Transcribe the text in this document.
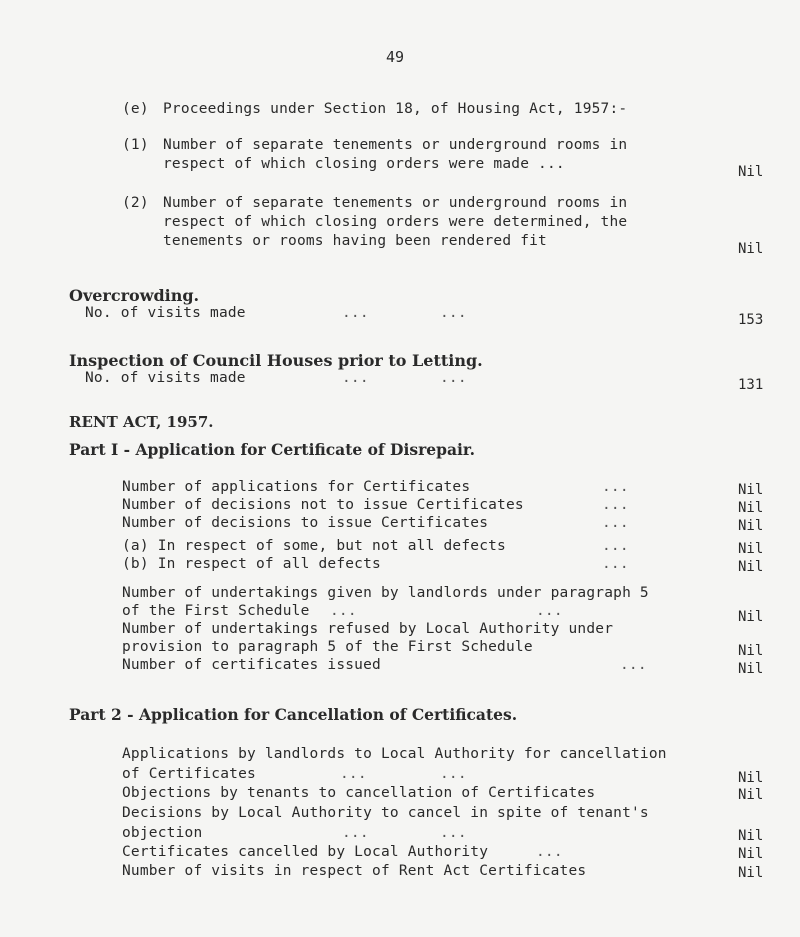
49
(e) Proceedings under Section 18, of Housing Act, 1957:-
(1) Number of separate tenements or underground rooms in
respect of which closing orders were made ...	Nil
(2) Number of separate tenements or underground rooms in
respect of which closing orders were determined, the
tenements or rooms having been rendered fit	Nil
Overcrowding.
No. of visits made	...	...	153
Inspection of Council Houses prior to Letting.
No. of visits made	...	...	131
RENT ACT, 1957.
Part I - Application for Certificate of Disrepair.
Number of applications for Certificates	...	Nil
Number of decisions not to issue Certificates	...	Nil
Number of decisions to issue Certificates	...	Nil
(a) In respect of some, but not all defects	...	Nil
(b) In respect of all defects	...	Nil
Number of undertakings given by landlords under paragraph 5
of the First Schedule ...	...	Nil
Number of undertakings refused by Local Authority under
provision to paragraph 5 of the First Schedule	Nil
Number of certificates issued	...	Nil
Part 2 - Application for Cancellation of Certificates.
Applications by landlords to Local Authority for cancellation
of Certificates	...	...	Nil
Objections by tenants to cancellation of Certificates	Nil
Decisions by Local Authority to cancel in spite of tenant's
objection	...	...	Nil
Certificates cancelled by Local Authority	...	Nil
Number of visits in respect of Rent Act Certificates	Nil
